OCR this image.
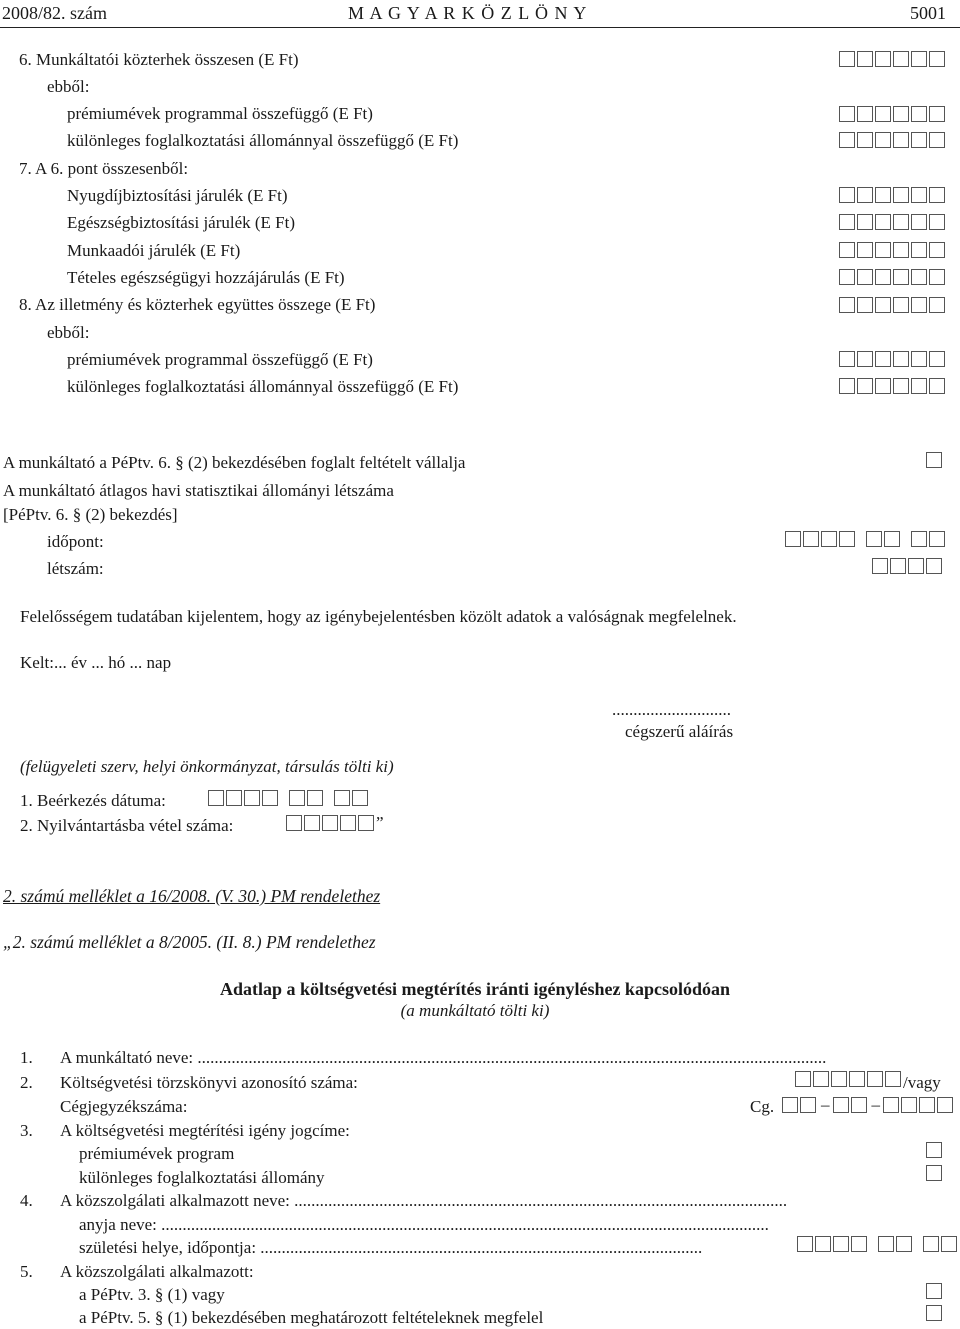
2008/82. szám	M A G Y A R K Ö Z L Ö N Y	5001
6. Munkáltatói közterhek összesen (E Ft)
ebből:
prémiumévek programmal összefüggő (E Ft)
különleges foglalkoztatási állománnyal összefüggő (E Ft)
7. A 6. pont összesenből:
Nyugdíjbiztosítási járulék (E Ft)
Egészségbiztosítási járulék (E Ft)
Munkaadói járulék (E Ft)
Tételes egészségügyi hozzájárulás (E Ft)
8. Az illetmény és közterhek együttes összege (E Ft)
ebből:
prémiumévek programmal összefüggő (E Ft)
különleges foglalkoztatási állománnyal összefüggő (E Ft)
A munkáltató a PéPtv. 6. § (2) bekezdésében foglalt feltételt vállalja
A munkáltató átlagos havi statisztikai állományi létszáma
[PéPtv. 6. § (2) bekezdés]
időpont:
létszám:
Felelősségem tudatában kijelentem, hogy az igénybejelentésben közölt adatok a valóságnak megfelelnek.
Kelt:... év ... hó ... nap
............................
cégszerű aláírás
(felügyeleti szerv, helyi önkormányzat, társulás tölti ki)
1. Beérkezés dátuma:
2. Nyilvántartásba vétel száma:	”
2. számú melléklet a 16/2008. (V. 30.) PM rendelethez
„2. számú melléklet a 8/2005. (II. 8.) PM rendelethez
Adatlap a költségvetési megtérítés iránti igényléshez kapcsolódóan
(a munkáltató tölti ki)
1. A munkáltató neve: ....................................................................................................................................................
2. Költségvetési törzskönyvi azonosító száma:	/vagy
Cégjegyzékszáma:	Cg.	– –
3. A költségvetési megtérítési igény jogcíme:
prémiumévek program
különleges foglalkoztatási állomány
4. A közszolgálati alkalmazott neve: ....................................................................................................................
anyja neve: ...............................................................................................................................................
születési helye, időpontja: ........................................................................................................
5. A közszolgálati alkalmazott:
a PéPtv. 3. § (1) vagy
a PéPtv. 5. § (1) bekezdésében meghatározott feltételeknek megfelel
